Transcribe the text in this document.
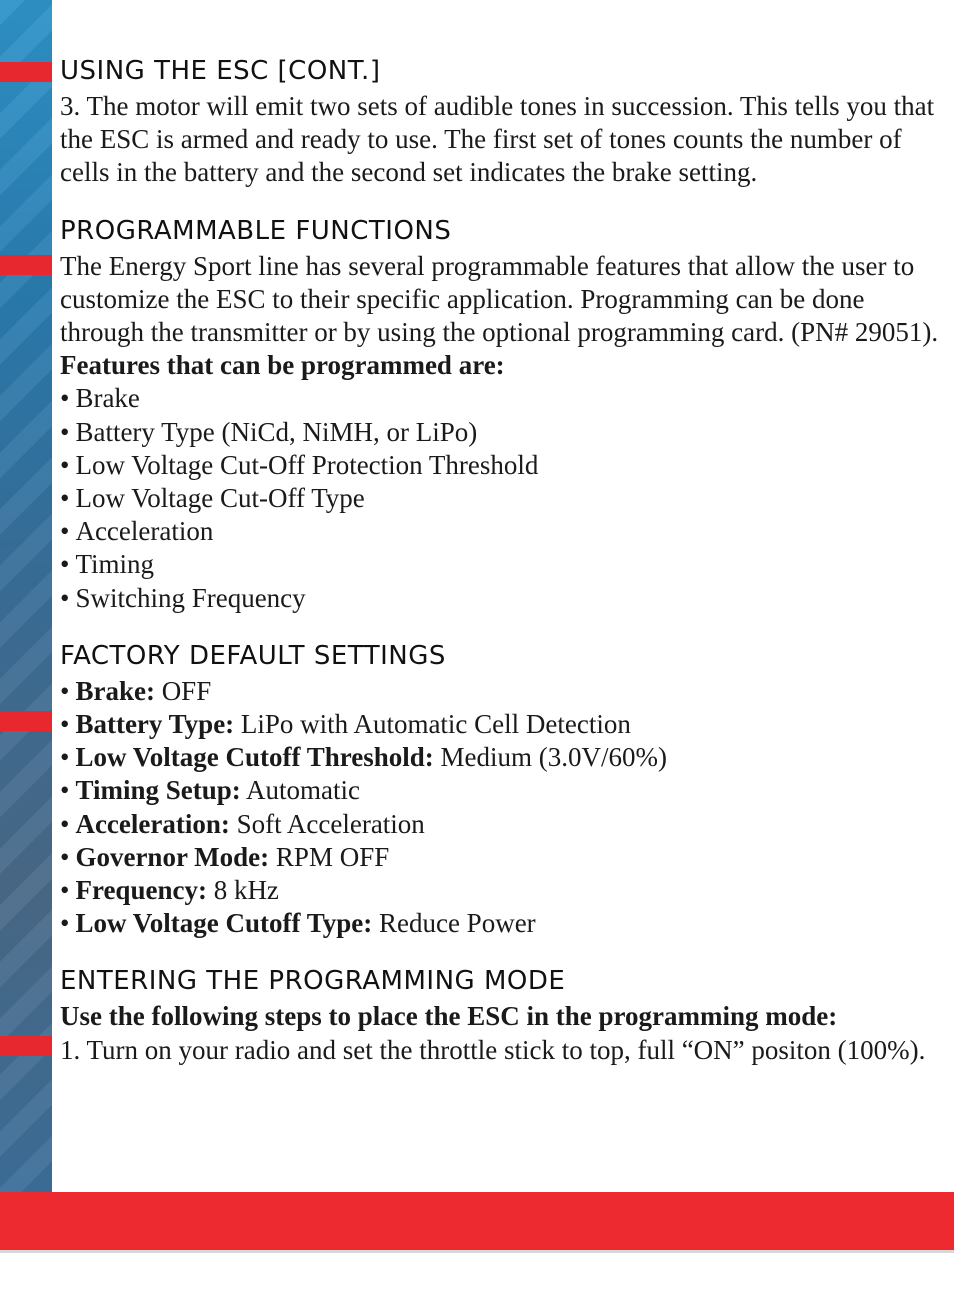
USING THE ESC [CONT.]

3. The motor will emit two sets of audible tones in succession. This tells you that the ESC is armed and ready to use. The first set of tones counts the number of cells in the battery and the second set indicates the brake setting.

PROGRAMMABLE FUNCTIONS

The Energy Sport line has several programmable features that allow the user to customize the ESC to their specific application. Programming can be done through the transmitter or by using the optional programming card. (PN# 29051).

Features that can be programmed are:

• Brake
• Battery Type (NiCd, NiMH, or LiPo)
• Low Voltage Cut-Off Protection Threshold
• Low Voltage Cut-Off Type
• Acceleration
• Timing
• Switching Frequency
FACTORY DEFAULT SETTINGS
• Brake: OFF
• Battery Type: LiPo with Automatic Cell Detection
• Low Voltage Cutoff Threshold: Medium (3.0V/60%)
• Timing Setup: Automatic
• Acceleration: Soft Acceleration
• Governor Mode: RPM OFF
• Frequency: 8 kHz
• Low Voltage Cutoff Type: Reduce Power
ENTERING THE PROGRAMMING MODE

Use the following steps to place the ESC in the programming mode:

1. Turn on your radio and set the throttle stick to top, full “ON” positon (100%).
